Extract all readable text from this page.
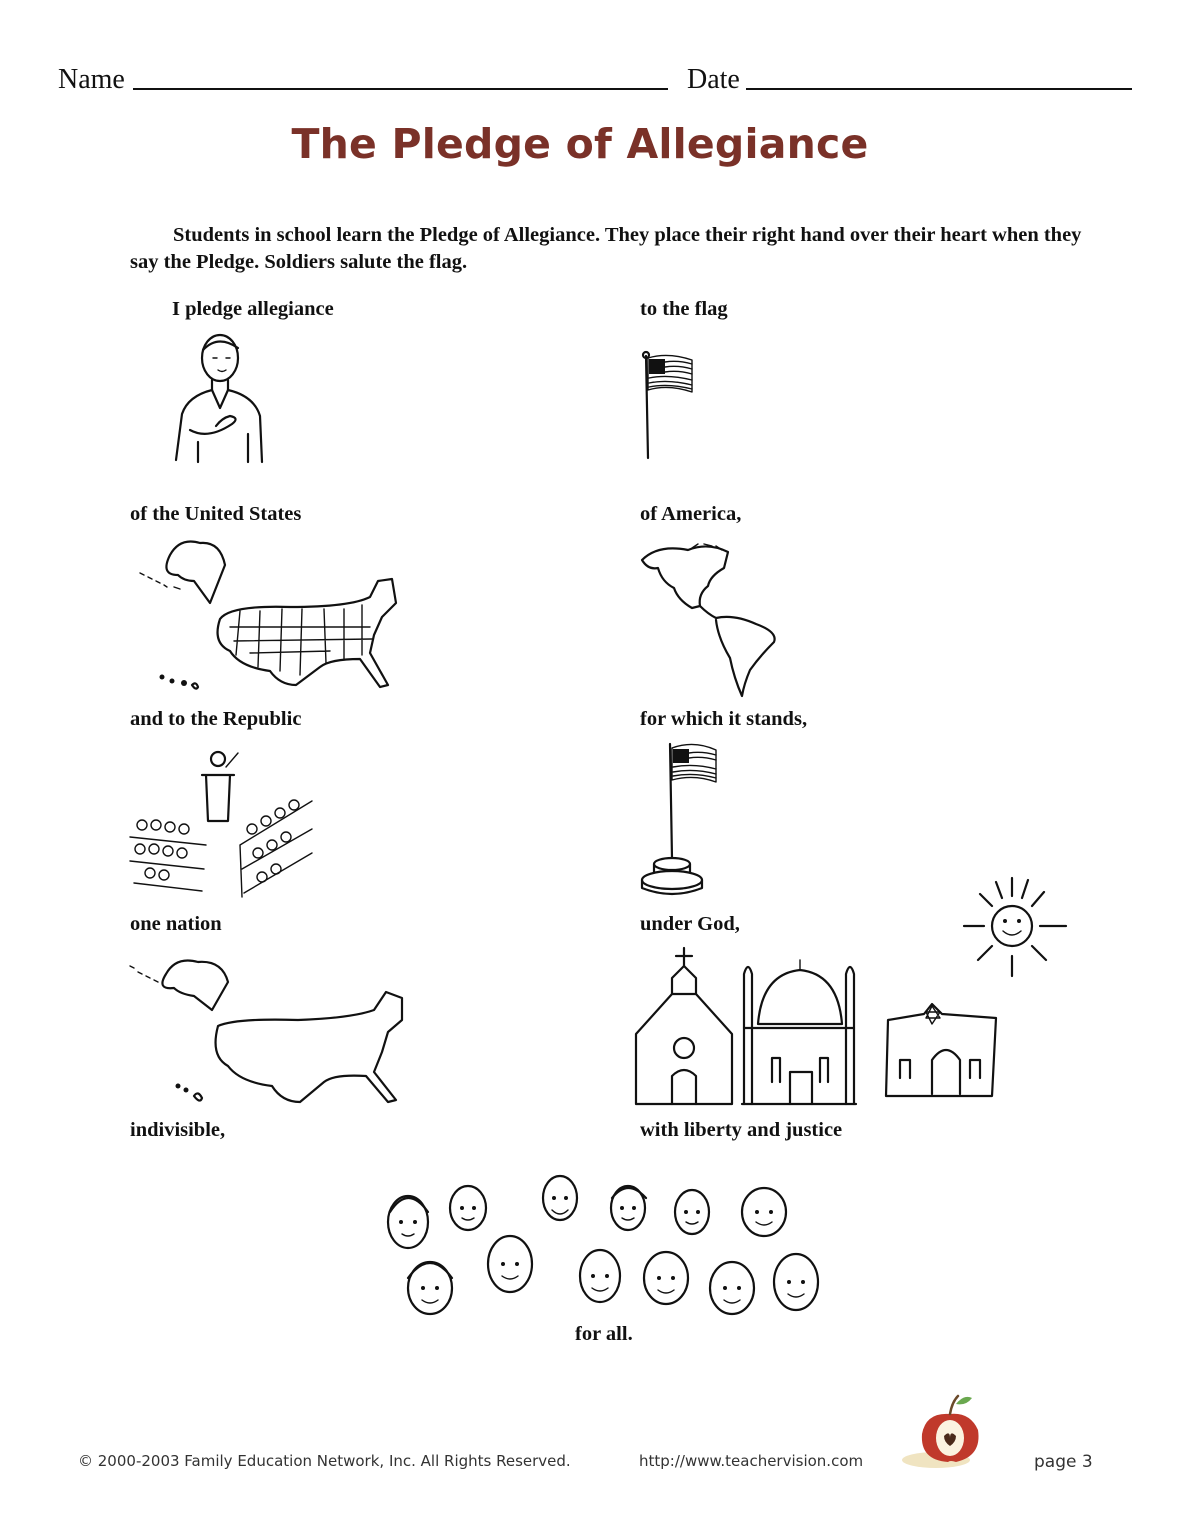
Name	Date
The Pledge of Allegiance
Students in school learn the Pledge of Allegiance. They place their right hand over their heart when they say the Pledge. Soldiers salute the flag.
I pledge allegiance	to the flag
of the United States	of America,
and to the Republic	for which it stands,
one nation	under God,
indivisible,	with liberty and justice
for all.
© 2000-2003 Family Education Network, Inc. All Rights Reserved.	http://www.teachervision.com	page 3
